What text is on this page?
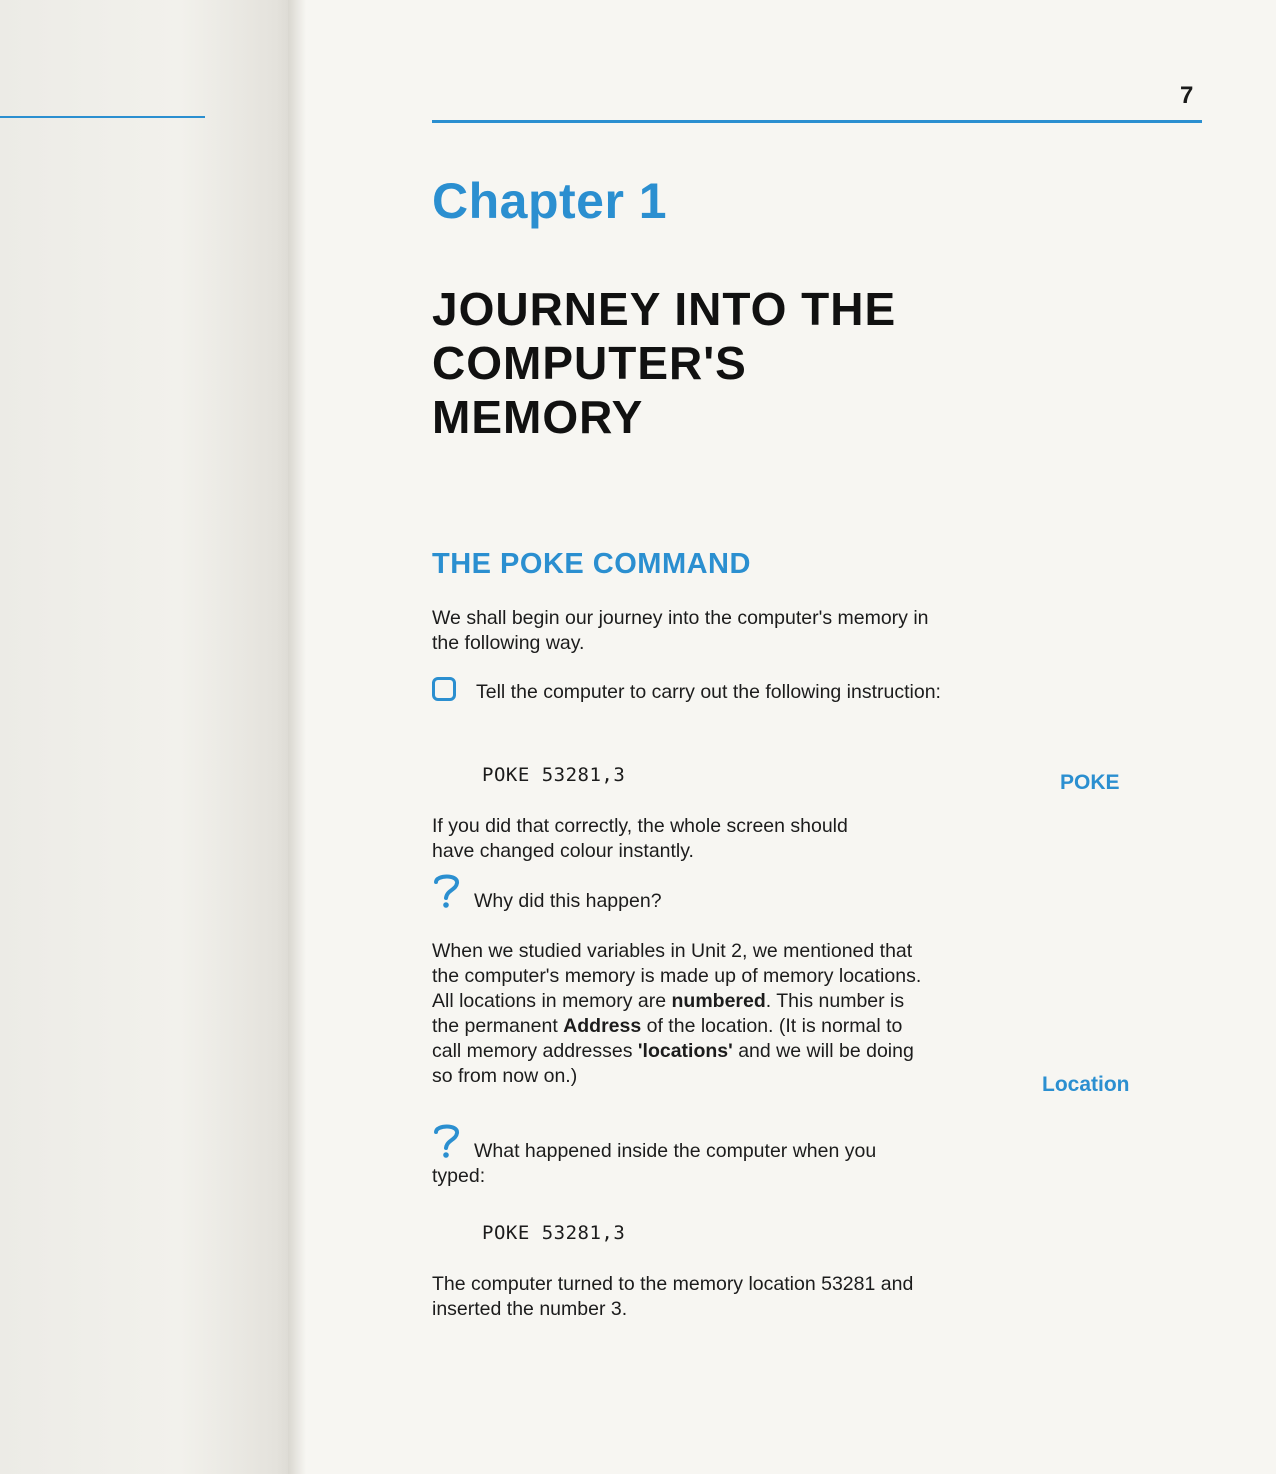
7
Chapter 1
JOURNEY INTO THE COMPUTER'S MEMORY
THE POKE COMMAND
We shall begin our journey into the computer's memory in the following way.
Tell the computer to carry out the following instruction:
POKE 53281,3	POKE
If you did that correctly, the whole screen should have changed colour instantly.
Why did this happen?
When we studied variables in Unit 2, we mentioned that the computer's memory is made up of memory locations. All locations in memory are numbered. This number is the permanent Address of the location. (It is normal to call memory addresses 'locations' and we will be doing so from now on.)	Location
What happened inside the computer when you typed:
POKE 53281,3
The computer turned to the memory location 53281 and inserted the number 3.
